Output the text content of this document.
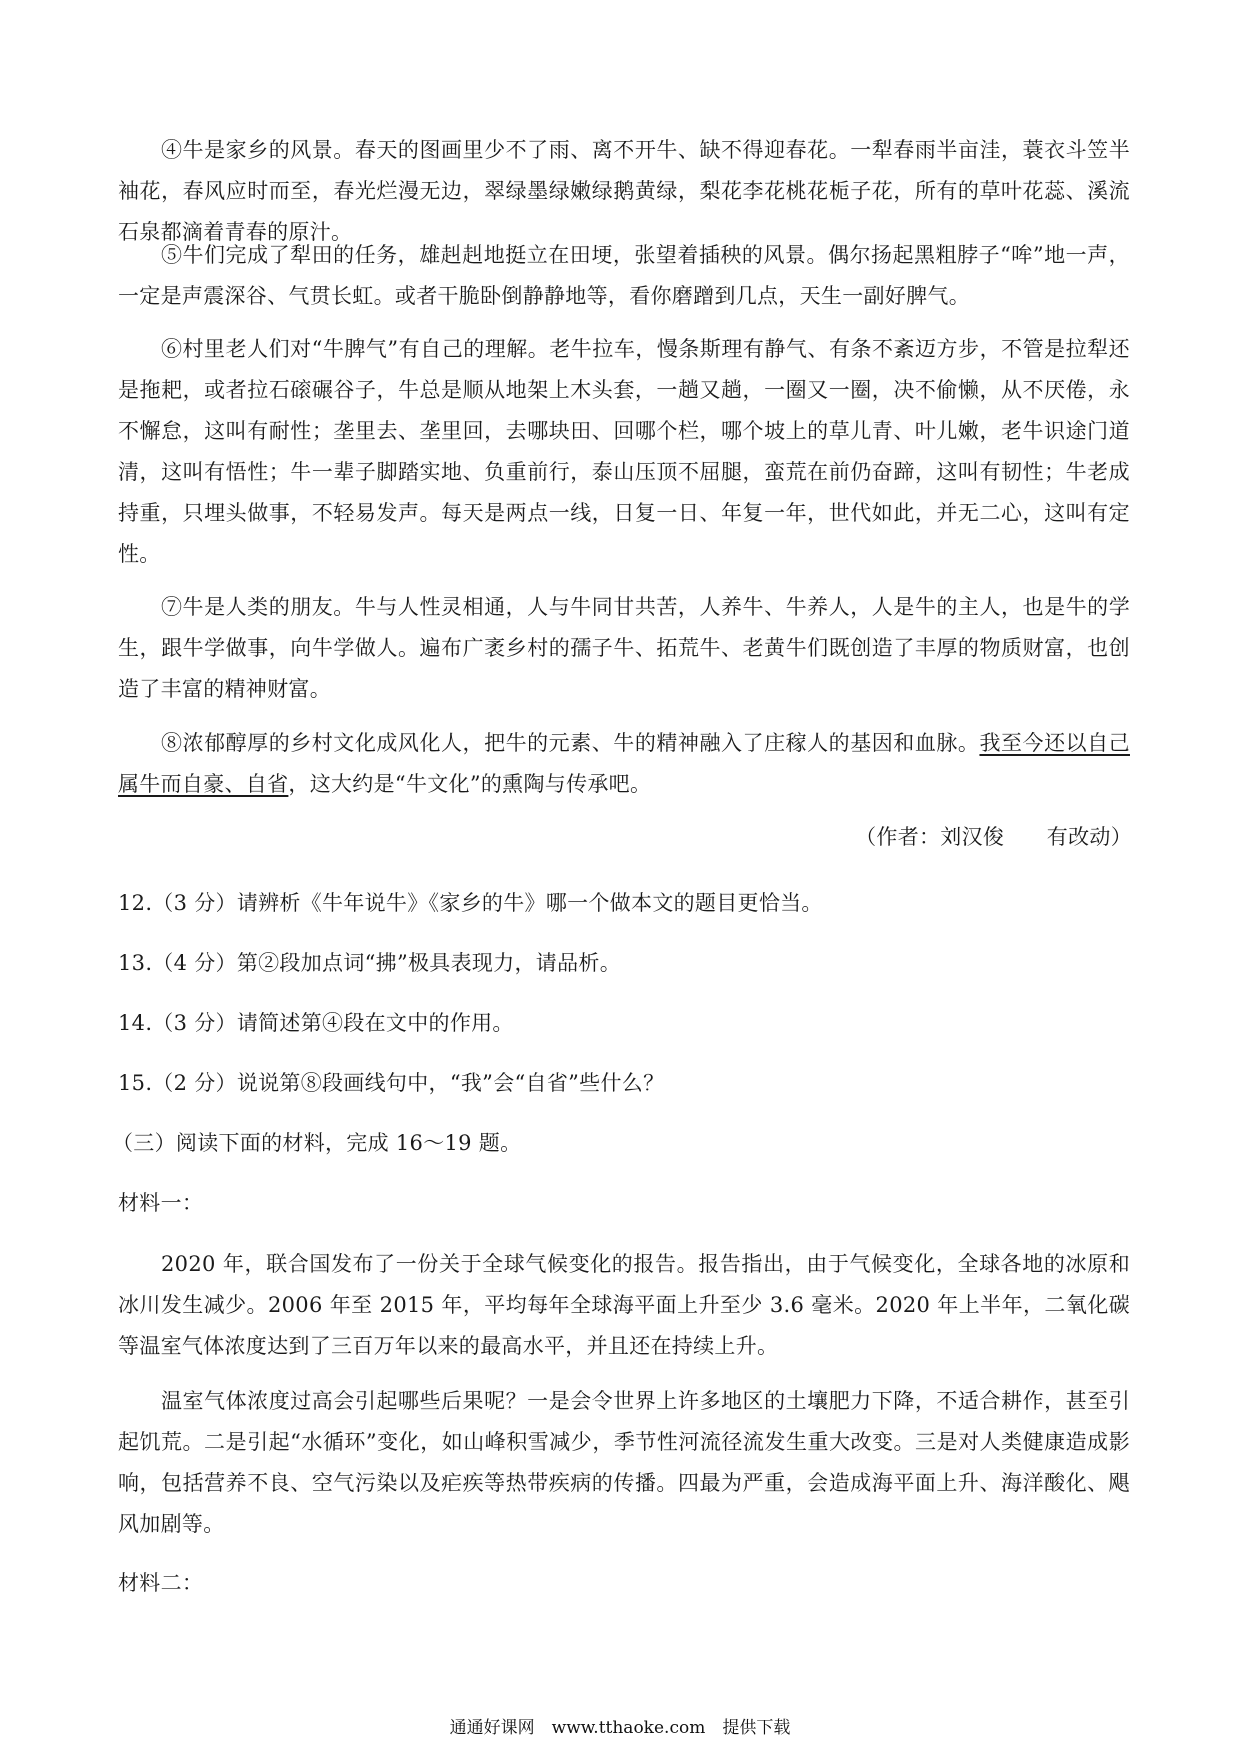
④牛是家乡的风景。春天的图画里少不了雨、离不开牛、缺不得迎春花。一犁春雨半亩洼，蓑衣斗笠半袖花，春风应时而至，春光烂漫无边，翠绿墨绿嫩绿鹅黄绿，梨花李花桃花栀子花，所有的草叶花蕊、溪流石泉都滴着青春的原汁。

⑤牛们完成了犁田的任务，雄赳赳地挺立在田埂，张望着插秧的风景。偶尔扬起黑粗脖子“哞”地一声，一定是声震深谷、气贯长虹。或者干脆卧倒静静地等，看你磨蹭到几点，天生一副好脾气。

⑥村里老人们对“牛脾气”有自己的理解。老牛拉车，慢条斯理有静气、有条不紊迈方步，不管是拉犁还是拖耙，或者拉石磙碾谷子，牛总是顺从地架上木头套，一趟又趟，一圈又一圈，决不偷懒，从不厌倦，永不懈怠，这叫有耐性；垄里去、垄里回，去哪块田、回哪个栏，哪个坡上的草儿青、叶儿嫩，老牛识途门道清，这叫有悟性；牛一辈子脚踏实地、负重前行，泰山压顶不屈腿，蛮荒在前仍奋蹄，这叫有韧性；牛老成持重，只埋头做事，不轻易发声。每天是两点一线，日复一日、年复一年，世代如此，并无二心，这叫有定性。

⑦牛是人类的朋友。牛与人性灵相通，人与牛同甘共苦，人养牛、牛养人，人是牛的主人，也是牛的学生，跟牛学做事，向牛学做人。遍布广袤乡村的孺子牛、拓荒牛、老黄牛们既创造了丰厚的物质财富，也创造了丰富的精神财富。

⑧浓郁醇厚的乡村文化成风化人，把牛的元素、牛的精神融入了庄稼人的基因和血脉。我至今还以自己属牛而自豪、自省，这大约是“牛文化”的熏陶与传承吧。

（作者：刘汉俊　　有改动）

12.（3 分）请辨析《牛年说牛》《家乡的牛》哪一个做本文的题目更恰当。

13.（4 分）第②段加点词“拂”极具表现力，请品析。

14.（3 分）请简述第④段在文中的作用。

15.（2 分）说说第⑧段画线句中，“我”会“自省”些什么？

（三）阅读下面的材料，完成 16～19 题。

材料一：

2020 年，联合国发布了一份关于全球气候变化的报告。报告指出，由于气候变化，全球各地的冰原和冰川发生减少。2006 年至 2015 年，平均每年全球海平面上升至少 3.6 毫米。2020 年上半年，二氧化碳等温室气体浓度达到了三百万年以来的最高水平，并且还在持续上升。

温室气体浓度过高会引起哪些后果呢？一是会令世界上许多地区的土壤肥力下降，不适合耕作，甚至引起饥荒。二是引起“水循环”变化，如山峰积雪减少，季节性河流径流发生重大改变。三是对人类健康造成影响，包括营养不良、空气污染以及疟疾等热带疾病的传播。四最为严重，会造成海平面上升、海洋酸化、飓风加剧等。

材料二：

通通好课网　www.tthaoke.com　提供下载
